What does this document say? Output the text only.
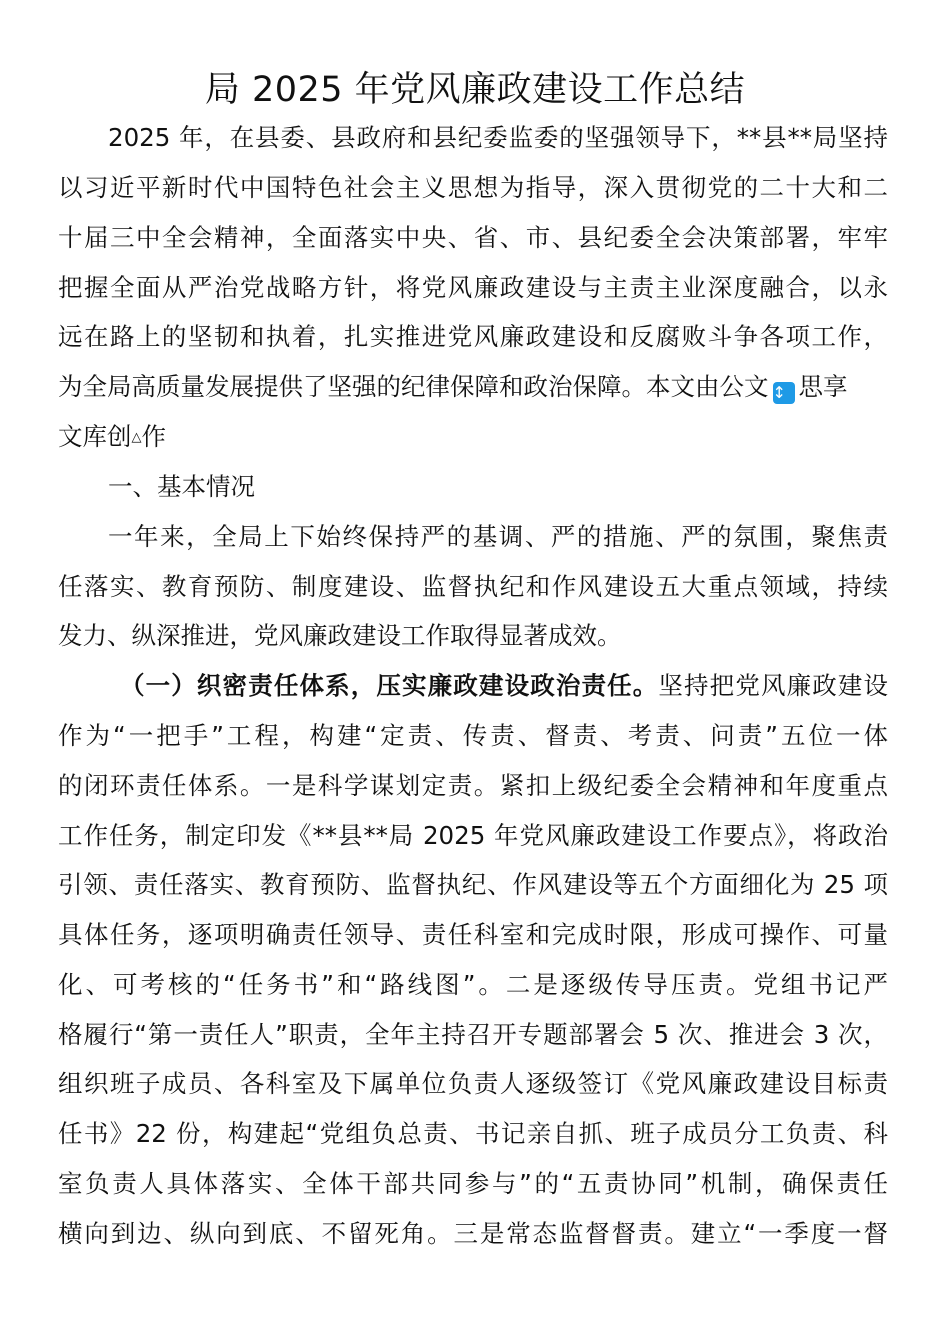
局 2025 年党风廉政建设工作总结
2025 年，在县委、县政府和县纪委监委的坚强领导下，**县**局坚持
以习近平新时代中国特色社会主义思想为指导，深入贯彻党的二十大和二
十届三中全会精神，全面落实中央、省、市、县纪委全会决策部署，牢牢
把握全面从严治党战略方针，将党风廉政建设与主责主业深度融合，以永
远在路上的坚韧和执着，扎实推进党风廉政建设和反腐败斗争各项工作，
为全局高质量发展提供了坚强的纪律保障和政治保障。本文由公文 ↕ 思享
文库创△作
一、基本情况
一年来，全局上下始终保持严的基调、严的措施、严的氛围，聚焦责
任落实、教育预防、制度建设、监督执纪和作风建设五大重点领域，持续
发力、纵深推进，党风廉政建设工作取得显著成效。
（一）织密责任体系，压实廉政建设政治责任。坚持把党风廉政建设
作为“一把手”工程，构建“定责、传责、督责、考责、问责”五位一体
的闭环责任体系。一是科学谋划定责。紧扣上级纪委全会精神和年度重点
工作任务，制定印发《**县**局 2025 年党风廉政建设工作要点》，将政治
引领、责任落实、教育预防、监督执纪、作风建设等五个方面细化为 25 项
具体任务，逐项明确责任领导、责任科室和完成时限，形成可操作、可量
化、可考核的“任务书”和“路线图”。二是逐级传导压责。党组书记严
格履行“第一责任人”职责，全年主持召开专题部署会 5 次、推进会 3 次，
组织班子成员、各科室及下属单位负责人逐级签订《党风廉政建设目标责
任书》22 份，构建起“党组负总责、书记亲自抓、班子成员分工负责、科
室负责人具体落实、全体干部共同参与”的“五责协同”机制，确保责任
横向到边、纵向到底、不留死角。三是常态监督督责。建立“一季度一督
